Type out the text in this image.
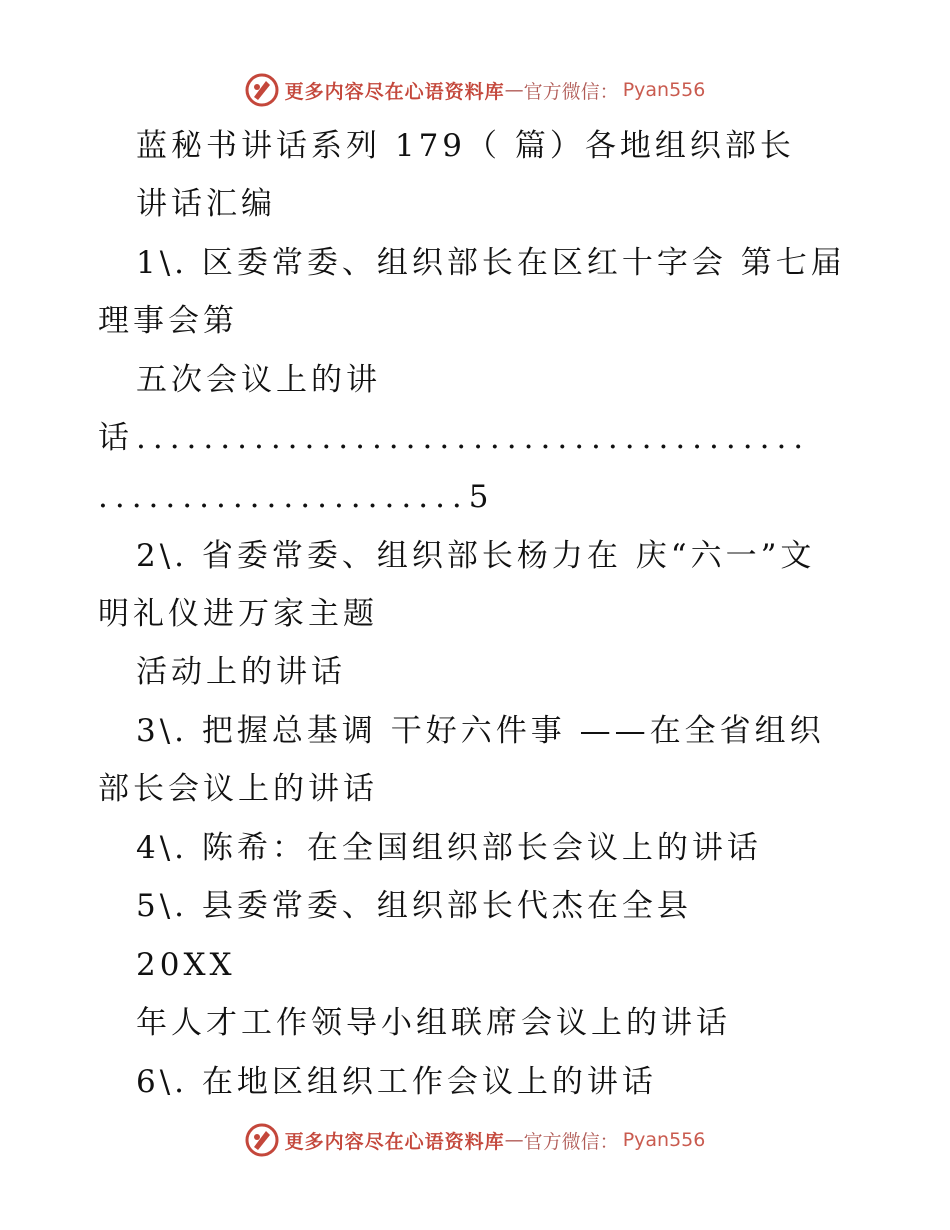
更多内容尽在心语资料库 — 官方微信： Pyan556
蓝秘书讲话系列 179（ 篇）各地组织部长
讲话汇编
1\. 区委常委、组织部长在区红十字会 第七届
理事会第
五次会议上的讲
话........................................
......................5
2\. 省委常委、组织部长杨力在 庆“六一”文
明礼仪进万家主题
活动上的讲话
3\. 把握总基调 干好六件事 ——在全省组织
部长会议上的讲话
4\. 陈希：在全国组织部长会议上的讲话
5\. 县委常委、组织部长代杰在全县
20XX
年人才工作领导小组联席会议上的讲话
6\. 在地区组织工作会议上的讲话
更多内容尽在心语资料库 — 官方微信： Pyan556
